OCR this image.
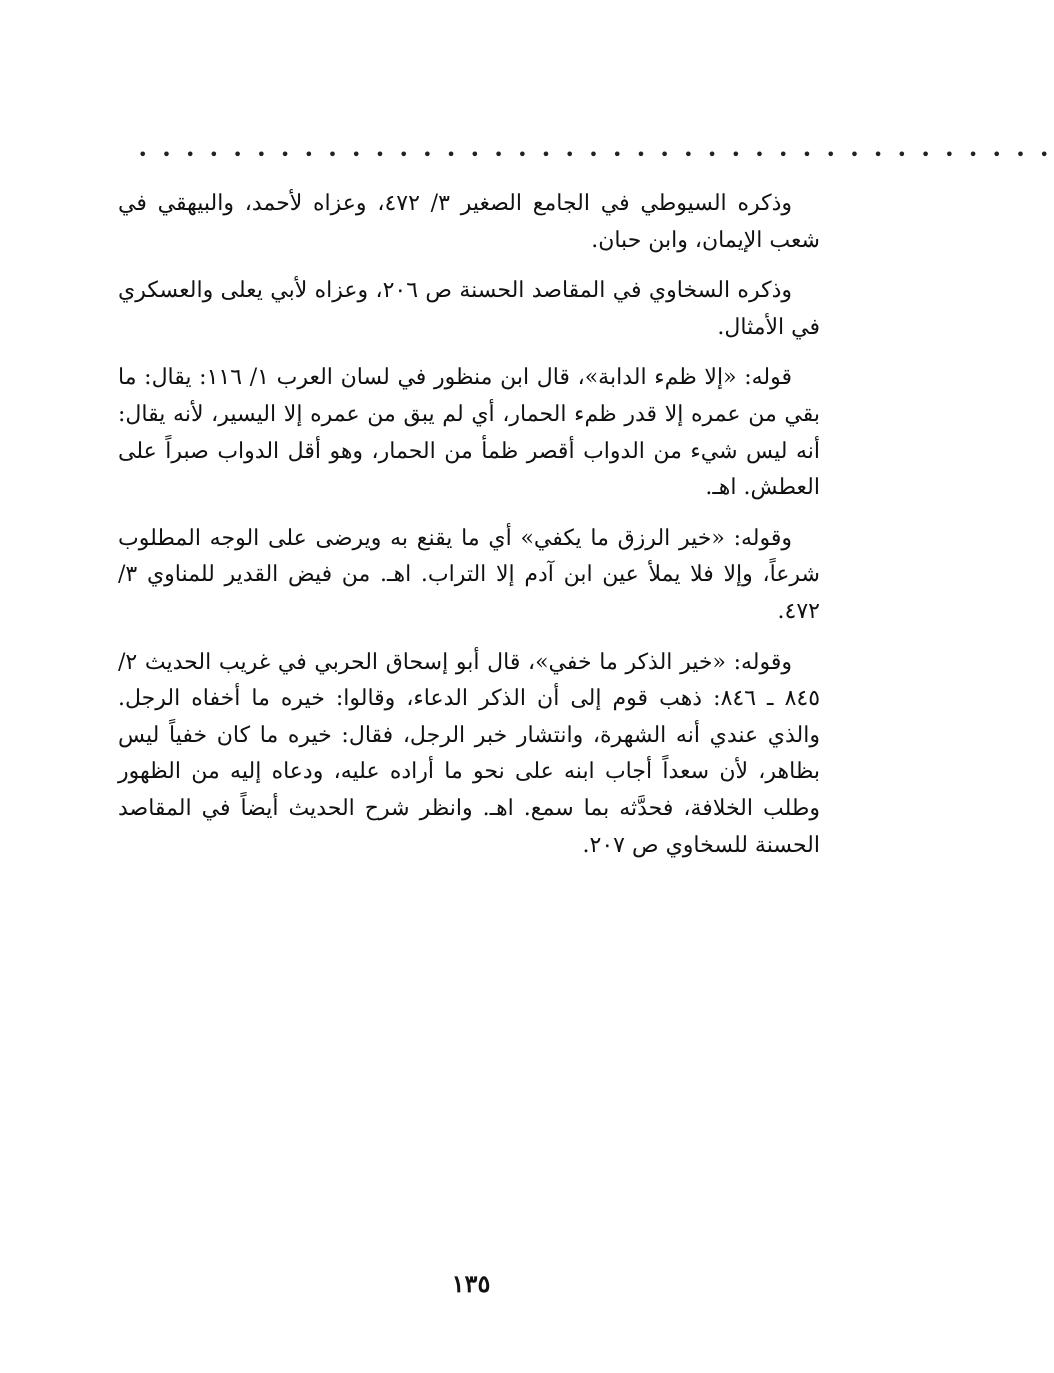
• • • • • • • • • • • • • • • • • • • • • • • • • • • • • • • • • • • • • • •

وذكره السيوطي في الجامع الصغير ٣/ ٤٧٢، وعزاه لأحمد، والبيهقي في شعب الإيمان، وابن حبان.

وذكره السخاوي في المقاصد الحسنة ص ٢٠٦، وعزاه لأبي يعلى والعسكري في الأمثال.

قوله: «إلا ظمء الدابة»، قال ابن منظور في لسان العرب ١/ ١١٦: يقال: ما بقي من عمره إلا قدر ظمء الحمار، أي لم يبق من عمره إلا اليسير، لأنه يقال: أنه ليس شيء من الدواب أقصر ظمأ من الحمار، وهو أقل الدواب صبراً على العطش. اهـ.

وقوله: «خير الرزق ما يكفي» أي ما يقنع به ويرضى على الوجه المطلوب شرعاً، وإلا فلا يملأ عين ابن آدم إلا التراب. اهـ. من فيض القدير للمناوي ٣/ ٤٧٢.

وقوله: «خير الذكر ما خفي»، قال أبو إسحاق الحربي في غريب الحديث ٢/ ٨٤٥ ـ ٨٤٦: ذهب قوم إلى أن الذكر الدعاء، وقالوا: خيره ما أخفاه الرجل. والذي عندي أنه الشهرة، وانتشار خبر الرجل، فقال: خيره ما كان خفياً ليس بظاهر، لأن سعداً أجاب ابنه على نحو ما أراده عليه، ودعاه إليه من الظهور وطلب الخلافة، فحدَّثه بما سمع. اهـ. وانظر شرح الحديث أيضاً في المقاصد الحسنة للسخاوي ص ٢٠٧.

١٣٥
